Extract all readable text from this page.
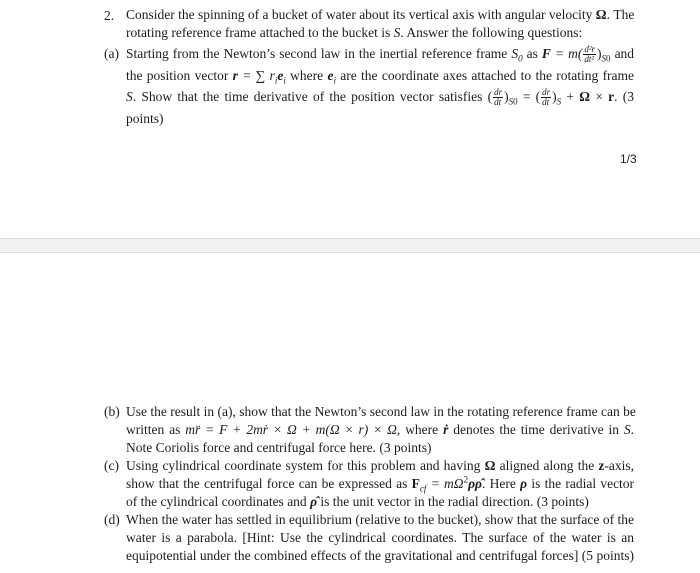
2. Consider the spinning of a bucket of water about its vertical axis with angular velocity Ω. The
rotating reference frame attached to the bucket is S. Answer the following questions:
(a) Starting from the Newton’s second law in the inertial reference frame $S_0$ as $F = m( \frac{\text{d²r}}{\text{dt²}} )_{S0}$ and
the position vector r = ∑ $r_ie_i$ where $e_i$ are the coordinate axes attached to the rotating frame
S. Show that the time derivative of the position vector satisfies ( $\frac{dr}{dt} )_{S0}$ = ( $\frac{dr}{dt} )_S + \Omega \times r$. (3
points)
1/3
(b) Use the result in (a), show that the Newton’s second law in the rotating reference frame can be
written as mr̈ = F + 2mṙ × Ω + m(Ω × r) × Ω, where ṙ denotes the time derivative in S.
Note Coriolis force and centrifugal force here. (3 points)
(c) Using cylindrical coordinate system for this problem and having Ω aligned along the z-axis,
show that the centrifugal force can be expressed as $F_{cf}$ = $m\Omega^2\rho\rhô$. Here ρ is the radial vector
of the cylindrical coordinates and ρ̂ is the unit vector in the radial direction. (3 points)
(d) When the water has settled in equilibrium (relative to the bucket), show that the surface of the
water is a parabola. [Hint: Use the cylindrical coordinates. The surface of the water is an
equipotential under the combined effects of the gravitational and centrifugal forces] (5 points)
